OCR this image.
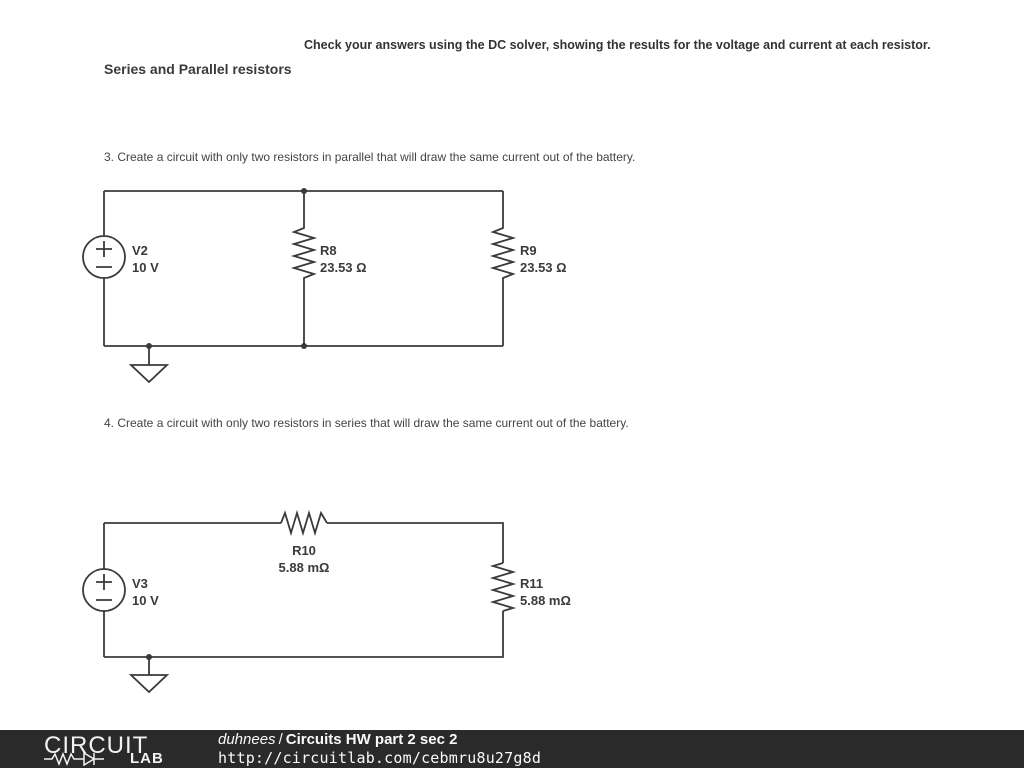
Check your answers using the DC solver, showing the results for the voltage and current at each resistor.
Series and Parallel resistors
3. Create a circuit with only two resistors in parallel that will draw the same current out of the battery.
4. Create a circuit with only two resistors in series that will draw the same current out of the battery.
V2
10 V
R8
23.53 Ω
R9
23.53 Ω
V3
10 V
R10
5.88 mΩ
R11
5.88 mΩ
CIRCUIT
LAB
duhnees / Circuits HW part 2 sec 2
http://circuitlab.com/cebmru8u27g8d
